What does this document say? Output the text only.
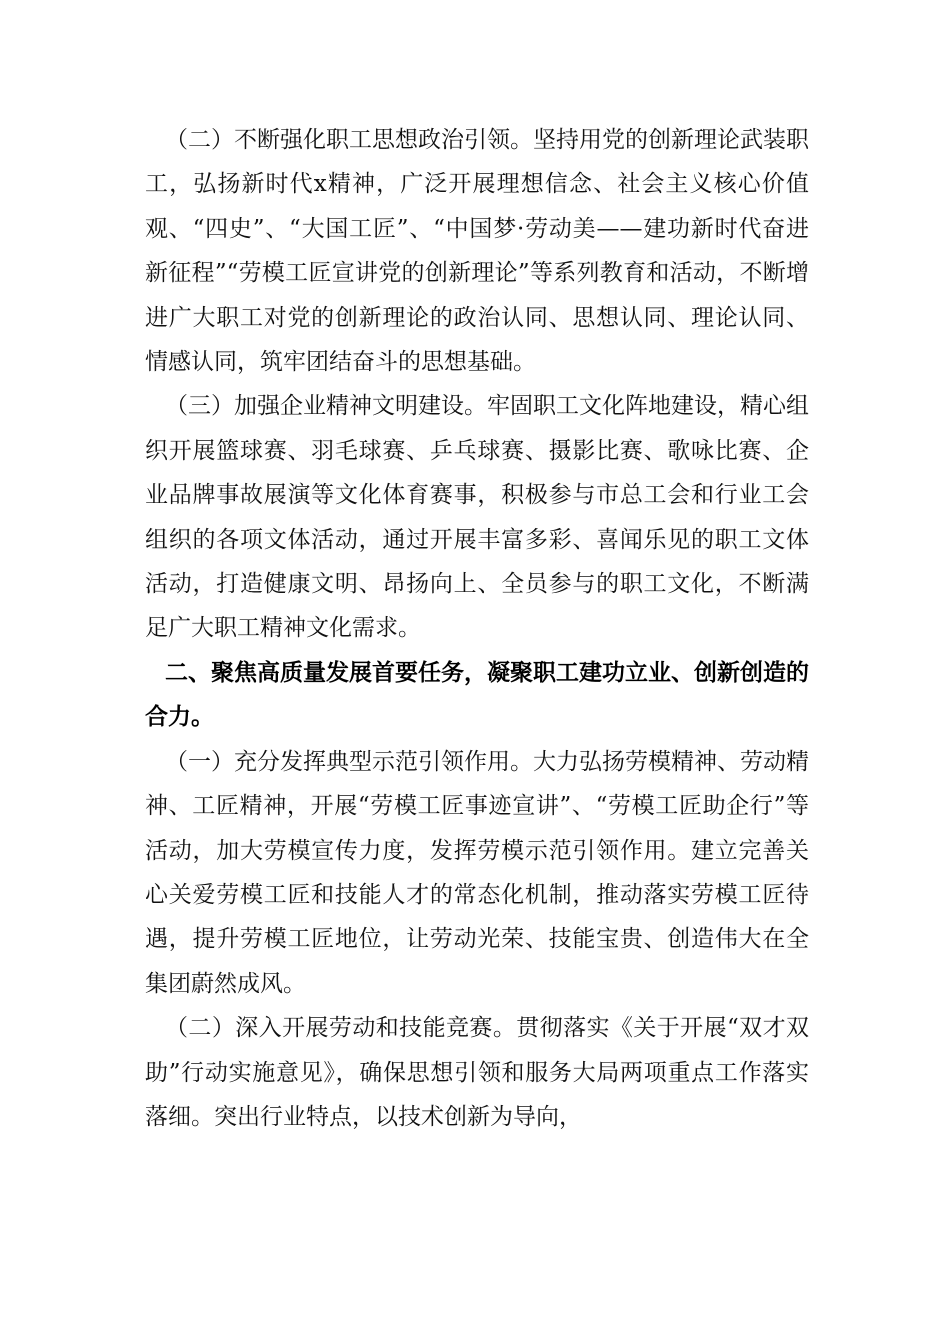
（二）不断强化职工思想政治引领。坚持用党的创新理论武装职工，弘扬新时代x精神，广泛开展理想信念、社会主义核心价值观、“四史”、“大国工匠”、“中国梦·劳动美——建功新时代奋进新征程”“劳模工匠宣讲党的创新理论”等系列教育和活动，不断增进广大职工对党的创新理论的政治认同、思想认同、理论认同、情感认同，筑牢团结奋斗的思想基础。

（三）加强企业精神文明建设。牢固职工文化阵地建设，精心组织开展篮球赛、羽毛球赛、乒乓球赛、摄影比赛、歌咏比赛、企业品牌事故展演等文化体育赛事，积极参与市总工会和行业工会组织的各项文体活动，通过开展丰富多彩、喜闻乐见的职工文体活动，打造健康文明、昂扬向上、全员参与的职工文化，不断满足广大职工精神文化需求。

二、聚焦高质量发展首要任务，凝聚职工建功立业、创新创造的合力。

（一）充分发挥典型示范引领作用。大力弘扬劳模精神、劳动精神、工匠精神，开展“劳模工匠事迹宣讲”、“劳模工匠助企行”等活动，加大劳模宣传力度，发挥劳模示范引领作用。建立完善关心关爱劳模工匠和技能人才的常态化机制，推动落实劳模工匠待遇，提升劳模工匠地位，让劳动光荣、技能宝贵、创造伟大在全集团蔚然成风。

（二）深入开展劳动和技能竞赛。贯彻落实《关于开展“双才双助”行动实施意见》，确保思想引领和服务大局两项重点工作落实落细。突出行业特点，以技术创新为导向，
